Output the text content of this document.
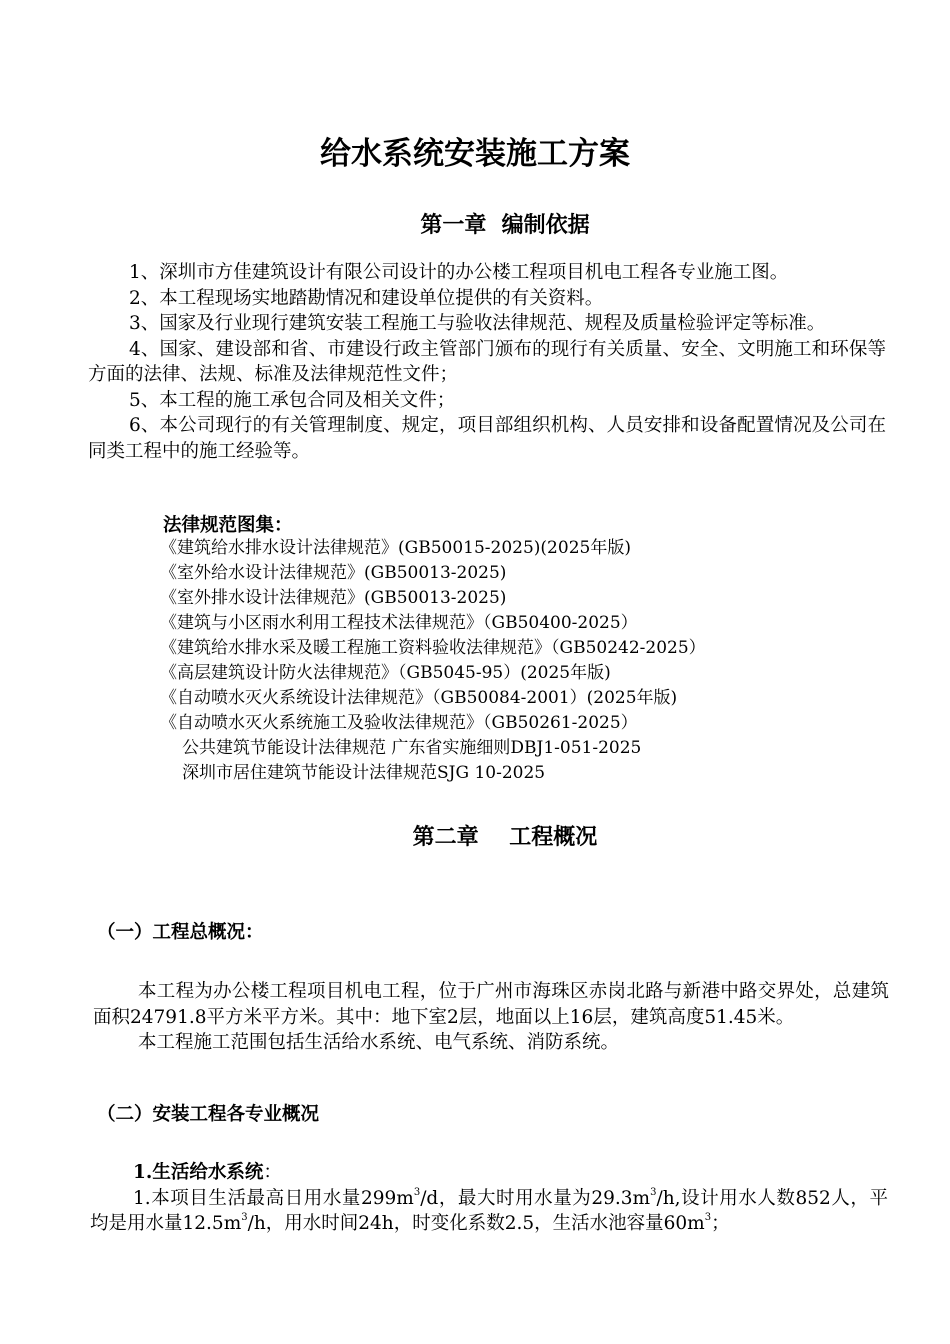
给水系统安装施工方案
第一章  编制依据

1、深圳市方佳建筑设计有限公司设计的办公楼工程项目机电工程各专业施工图。

2、本工程现场实地踏勘情况和建设单位提供的有关资料。

3、国家及行业现行建筑安装工程施工与验收法律规范、规程及质量检验评定等标准。

4、国家、建设部和省、市建设行政主管部门颁布的现行有关质量、安全、文明施工和环保等方面的法律、法规、标准及法律规范性文件；

5、本工程的施工承包合同及相关文件；

6、本公司现行的有关管理制度、规定，项目部组织机构、人员安排和设备配置情况及公司在同类工程中的施工经验等。

法律规范图集：
《建筑给水排水设计法律规范》(GB50015-2025)(2025年版)
《室外给水设计法律规范》(GB50013-2025)
《室外排水设计法律规范》(GB50013-2025)
《建筑与小区雨水利用工程技术法律规范》（GB50400-2025）
《建筑给水排水采及暖工程施工资料验收法律规范》（GB50242-2025）
《高层建筑设计防火法律规范》（GB5045-95）(2025年版)
《自动喷水灭火系统设计法律规范》（GB50084-2001）(2025年版)
《自动喷水灭火系统施工及验收法律规范》（GB50261-2025）
公共建筑节能设计法律规范 广东省实施细则DBJ1-051-2025
深圳市居住建筑节能设计法律规范SJG 10-2025
第二章    工程概况
（一）工程总概况：

本工程为办公楼工程项目机电工程，位于广州市海珠区赤岗北路与新港中路交界处，总建筑面积24791.8平方米平方米。其中：地下室2层，地面以上16层，建筑高度51.45米。

本工程施工范围包括生活给水系统、电气系统、消防系统。

（二）安装工程各专业概况
1.生活给水系统：

1.本项目生活最高日用水量$299m^3/d$，最大时用水量为$29.3m^3/h$,设计用水人数852人，平均是用水量$12.5m^3/h$，用水时间24h，时变化系数2.5，生活水池容量$60m^3$；
